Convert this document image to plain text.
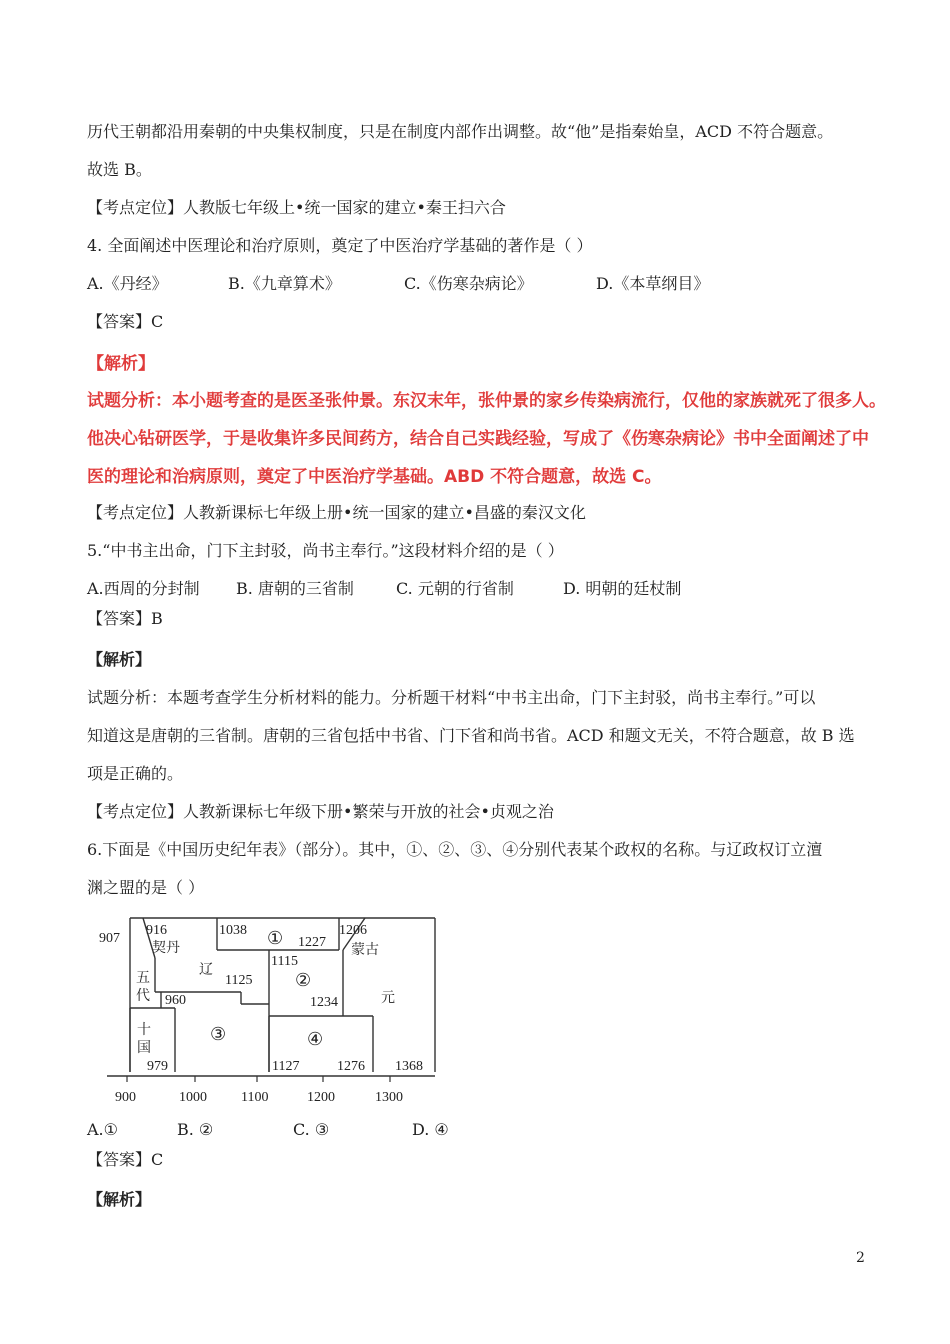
历代王朝都沿用秦朝的中央集权制度，只是在制度内部作出调整。故“他”是指秦始皇，ACD 不符合题意。
故选 B。
【考点定位】人教版七年级上•统一国家的建立•秦王扫六合
4. 全面阐述中医理论和治疗原则，奠定了中医治疗学基础的著作是（ ）
A.《丹经》	B.《九章算术》	C.《伤寒杂病论》	D.《本草纲目》
【答案】C
【解析】
试题分析：本小题考查的是医圣张仲景。东汉末年，张仲景的家乡传染病流行，仅他的家族就死了很多人。
他决心钻研医学，于是收集许多民间药方，结合自己实践经验，写成了《伤寒杂病论》书中全面阐述了中
医的理论和治病原则，奠定了中医治疗学基础。ABD 不符合题意，故选 C。
【考点定位】人教新课标七年级上册•统一国家的建立•昌盛的秦汉文化
5.“中书主出命，门下主封驳，尚书主奉行。”这段材料介绍的是（ ）
A.西周的分封制 B. 唐朝的三省制	C. 元朝的行省制	D. 明朝的廷杖制
【答案】B
【解析】
试题分析：本题考查学生分析材料的能力。分析题干材料“中书主出命，门下主封驳，尚书主奉行。”可以
知道这是唐朝的三省制。唐朝的三省包括中书省、门下省和尚书省。ACD 和题文无关，不符合题意，故 B 选
项是正确的。
【考点定位】人教新课标七年级下册•繁荣与开放的社会•贞观之治
6.下面是《中国历史纪年表》（部分）。其中，①、②、③、④分别代表某个政权的名称。与辽政权订立澶
渊之盟的是（ ）
907
916	1038
1227
1206
1115
1125
960	1234
979	1127	1276 1368
契丹
辽
五
代
十
国
蒙古
元
①
②
③	④
900	1000 1100	1200	1300
A.①	B. ②	C. ③	D. ④
【答案】C
【解析】
2
